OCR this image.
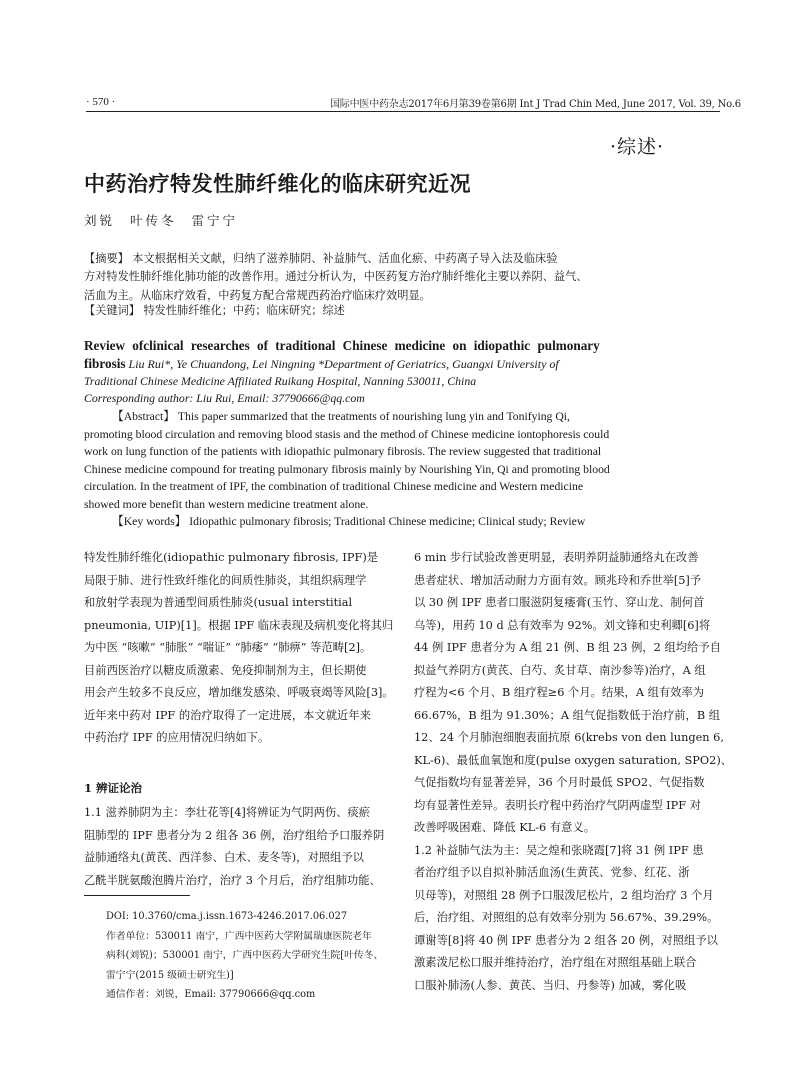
· 570 ·	国际中医中药杂志2017年6月第39卷第6期 Int J Trad Chin Med, June 2017, Vol. 39, No.6
·综述·
中药治疗特发性肺纤维化的临床研究近况
刘锐 叶传冬 雷宁宁

【摘要】 本文根据相关文献，归纳了滋养肺阴、补益肺气、活血化瘀、中药离子导入法及临床验

方对特发性肺纤维化肺功能的改善作用。通过分析认为，中医药复方治疗肺纤维化主要以养阴、益气、

活血为主。从临床疗效看，中药复方配合常规西药治疗临床疗效明显。

【关键词】 特发性肺纤维化；中药；临床研究；综述
Review ofclinical researches of traditional Chinese medicine on idiopathic pulmonary
fibrosis Liu Rui*, Ye Chuandong, Lei Ningning *Department of Geriatrics, Guangxi University of
Traditional Chinese Medicine Affiliated Ruikang Hospital, Nanning 530011, China
Corresponding author: Liu Rui, Email: 37790666@qq.com

【Abstract】 This paper summarized that the treatments of nourishing lung yin and Tonifying Qi,

promoting blood circulation and removing blood stasis and the method of Chinese medicine iontophoresis could

work on lung function of the patients with idiopathic pulmonary fibrosis. The review suggested that traditional

Chinese medicine compound for treating pulmonary fibrosis mainly by Nourishing Yin, Qi and promoting blood

circulation. In the treatment of IPF, the combination of traditional Chinese medicine and Western medicine

showed more benefit than western medicine treatment alone.

【Key words】 Idiopathic pulmonary fibrosis; Traditional Chinese medicine; Clinical study; Review

特发性肺纤维化(idiopathic pulmonary fibrosis, IPF)是

局限于肺、进行性致纤维化的间质性肺炎，其组织病理学

和放射学表现为普通型间质性肺炎(usual interstitial

pneumonia, UIP)[1]。根据 IPF 临床表现及病机变化将其归

为中医 “咳嗽” “肺胀” “喘证” “肺痿” “肺痹” 等范畴[2]。

目前西医治疗以糖皮质激素、免疫抑制剂为主，但长期使

用会产生较多不良反应，增加继发感染、呼吸衰竭等风险[3]。

近年来中药对 IPF 的治疗取得了一定进展，本文就近年来

中药治疗 IPF 的应用情况归纳如下。

1 辨证论治

1.1 滋养肺阴为主：李壮花等[4]将辨证为气阴两伤、痰瘀

阻肺型的 IPF 患者分为 2 组各 36 例，治疗组给予口服养阴

益肺通络丸(黄芪、西洋参、白术、麦冬等)，对照组予以

乙酰半胱氨酸泡腾片治疗，治疗 3 个月后，治疗组肺功能、

6 min 步行试验改善更明显，表明养阴益肺通络丸在改善

患者症状、增加活动耐力方面有效。顾兆玲和乔世举[5]予

以 30 例 IPF 患者口服滋阴复痿膏(玉竹、穿山龙、制何首

乌等)，用药 10 d 总有效率为 92%。刘文锋和史利卿[6]将

44 例 IPF 患者分为 A 组 21 例、B 组 23 例，2 组均给予自

拟益气养阴方(黄芪、白芍、炙甘草、南沙参等)治疗，A 组

疗程为<6 个月、B 组疗程≥6 个月。结果，A 组有效率为

66.67%，B 组为 91.30%；A 组气促指数低于治疗前，B 组

12、24 个月肺泡细胞表面抗原 6(krebs von den lungen 6,

KL-6)、最低血氧饱和度(pulse oxygen saturation, SPO2)、

气促指数均有显著差异，36 个月时最低 SPO2、气促指数

均有显著性差异。表明长疗程中药治疗气阴两虚型 IPF 对

改善呼吸困难、降低 KL-6 有意义。

1.2 补益肺气法为主：吴之煌和张晓霞[7]将 31 例 IPF 患

者治疗组予以自拟补肺活血汤(生黄芪、党参、红花、浙

贝母等)，对照组 28 例予口服泼尼松片，2 组均治疗 3 个月

后，治疗组、对照组的总有效率分别为 56.67%、39.29%。

谭谢等[8]将 40 例 IPF 患者分为 2 组各 20 例，对照组予以

激素泼尼松口服并维持治疗，治疗组在对照组基础上联合

口服补肺汤(人参、黄芪、当归、丹参等) 加减，雾化吸

DOI: 10.3760/cma.j.issn.1673-4246.2017.06.027

作者单位：530011 南宁，广西中医药大学附属瑞康医院老年

病科(刘锐)；530001 南宁，广西中医药大学研究生院[叶传冬、

雷宁宁(2015 级硕士研究生)]

通信作者：刘锐，Email: 37790666@qq.com
